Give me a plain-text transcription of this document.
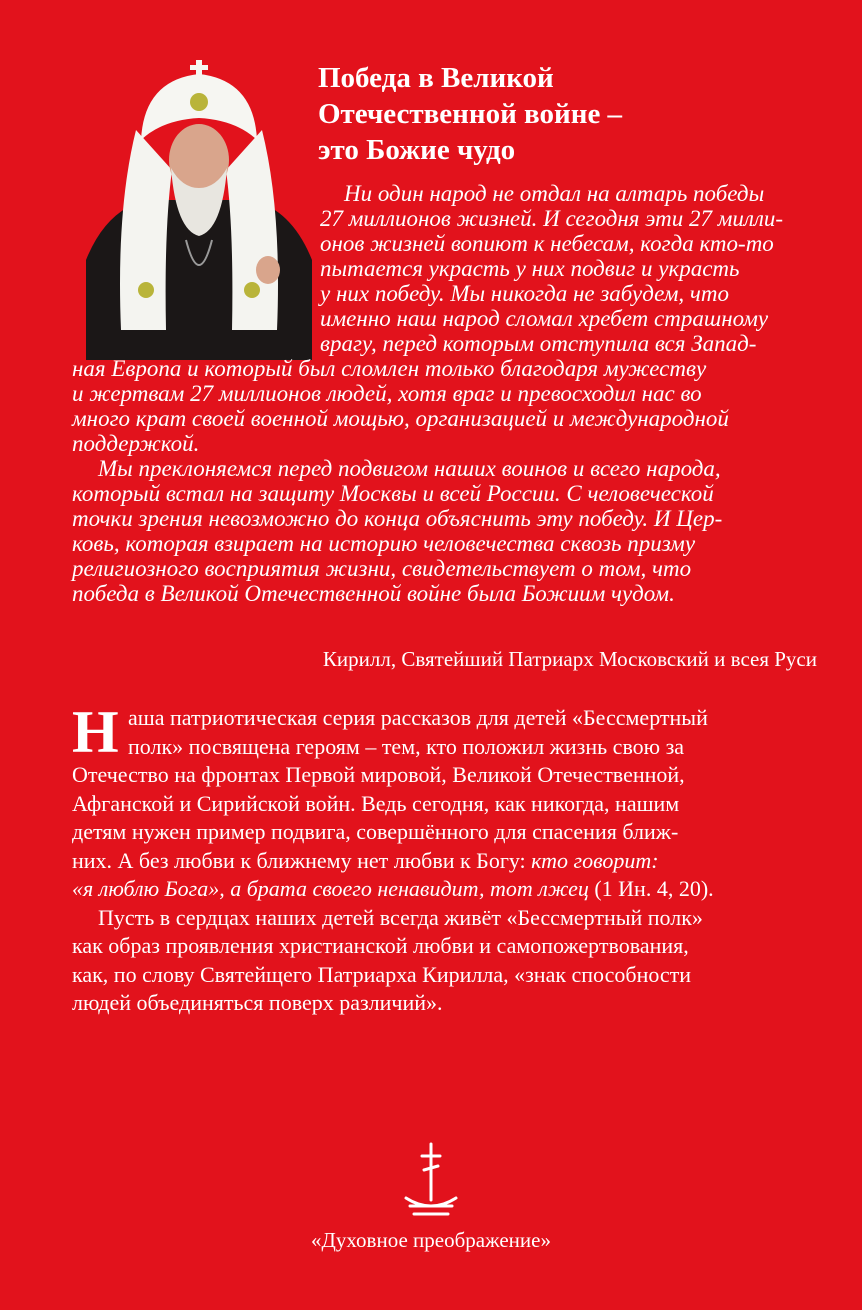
Победа в Великой
Отечественной войне –
это Божие чудо
Ни один народ не отдал на алтарь победы
27 миллионов жизней. И сегодня эти 27 милли-
онов жизней вопиют к небесам, когда кто-то
пытается украсть у них подвиг и украсть
у них победу. Мы никогда не забудем, что
именно наш народ сломал хребет страшному
врагу, перед которым отступила вся Запад-
ная Европа и который был сломлен только благодаря мужеству
и жертвам 27 миллионов людей, хотя враг и превосходил нас во
много крат своей военной мощью, организацией и международной
поддержкой.
Мы преклоняемся перед подвигом наших воинов и всего народа,
который встал на защиту Москвы и всей России. С человеческой
точки зрения невозможно до конца объяснить эту победу. И Цер-
ковь, которая взирает на историю человечества сквозь призму
религиозного восприятия жизни, свидетельствует о том, что
победа в Великой Отечественной войне была Божиим чудом.
Кирилл, Святейший Патриарх Московский и всея Руси
Н аша патриотическая серия рассказов для детей «Бессмертный
полк» посвящена героям – тем, кто положил жизнь свою за
Отечество на фронтах Первой мировой, Великой Отечественной,
Афганской и Сирийской войн. Ведь сегодня, как никогда, нашим
детям нужен пример подвига, совершённого для спасения ближ-
них. А без любви к ближнему нет любви к Богу: кто говорит:
«я люблю Бога», а брата своего ненавидит, тот лжец (1 Ин. 4, 20).
Пусть в сердцах наших детей всегда живёт «Бессмертный полк»
как образ проявления христианской любви и самопожертвования,
как, по слову Святейщего Патриарха Кирилла, «знак способности
людей объединяться поверх различий».
«Духовное преображение»
